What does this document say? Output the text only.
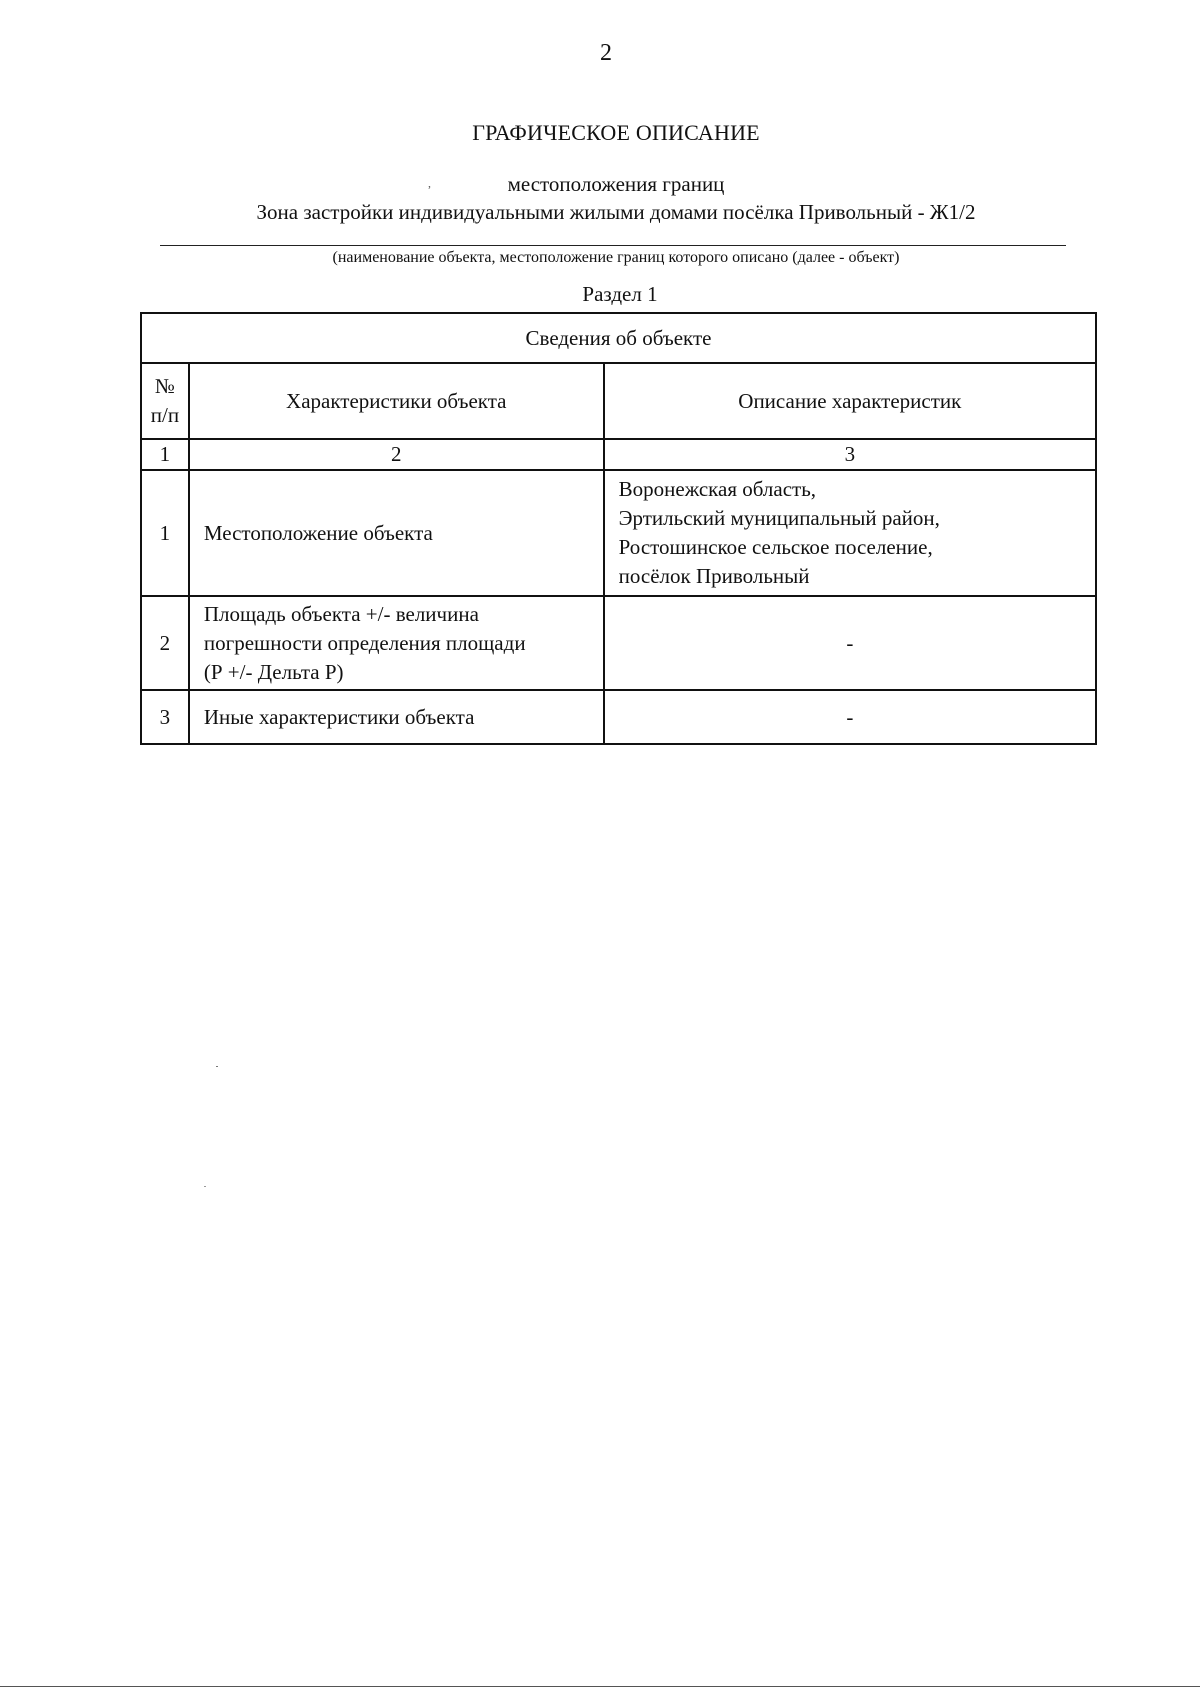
2
ГРАФИЧЕСКОЕ ОПИСАНИЕ
,	местоположения границ
Зона застройки индивидуальными жилыми домами посёлка Привольный - Ж1/2
(наименование объекта, местоположение границ которого описано (далее - объект)
Раздел 1
Сведения об объекте		

№
п/п	Характеристики объекта	Описание характеристик
1	2	3
1	Местоположение объекта	Воронежская область,
Эртильский муниципальный район,
Ростошинское сельское поселение,
посёлок Привольный

2	Площадь объекта +/- величина
погрешности определения площади
(Р +/- Дельта Р)	-
3	Иные характеристики объекта	-
